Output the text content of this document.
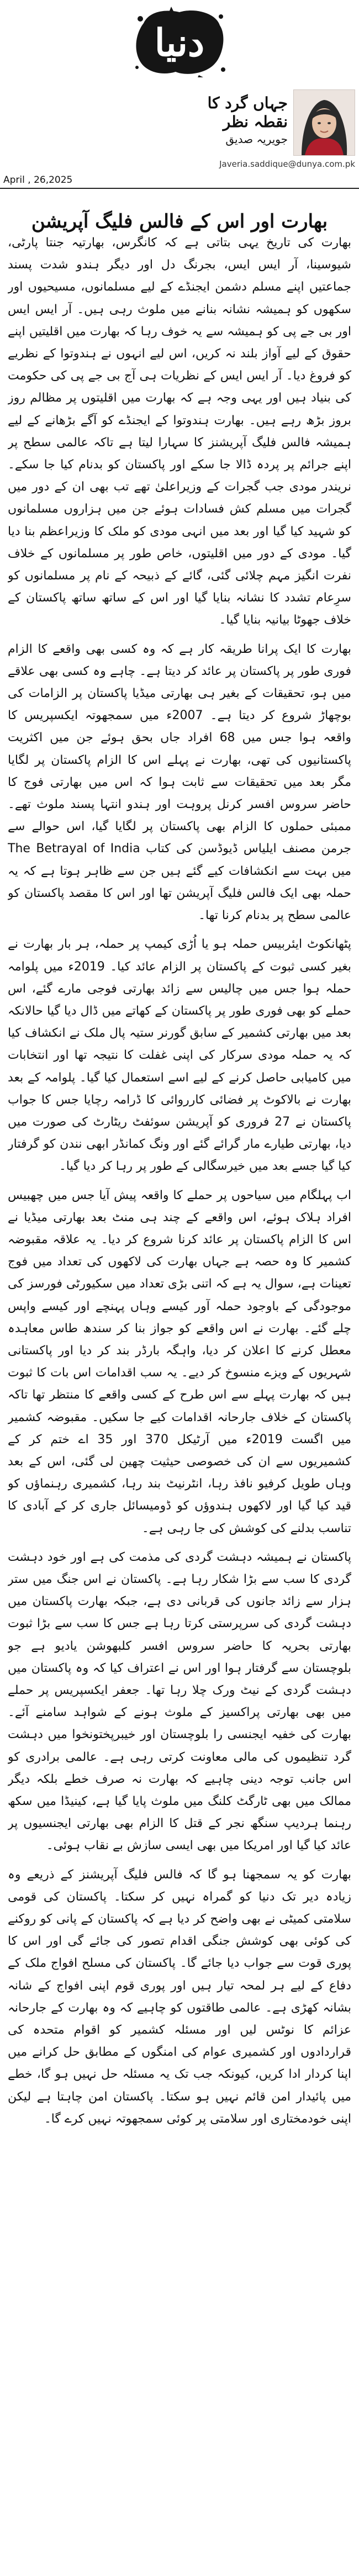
دنیا
جہاں گرد کا نقطہ نظر
جویریہ صدیق
Javeria.saddique@dunya.com.pk
April , 26,2025
بھارت اور اس کے فالس فلیگ آپریشن

بھارت کی تاریخ یہی بتاتی ہے کہ کانگرس، بھارتیہ جنتا پارٹی، شیوسینا، آر ایس ایس، بجرنگ دل اور دیگر ہندو شدت پسند جماعتیں اپنے مسلم دشمن ایجنڈے کے لیے مسلمانوں، مسیحیوں اور سکھوں کو ہمیشہ نشانہ بنانے میں ملوث رہی ہیں۔ آر ایس ایس اور بی جے پی کو ہمیشہ سے یہ خوف رہا کہ بھارت میں اقلیتیں اپنے حقوق کے لیے آواز بلند نہ کریں، اس لیے انہوں نے ہندوتوا کے نظریے کو فروغ دیا۔ آر ایس ایس کے نظریات ہی آج بی جے پی کی حکومت کی بنیاد ہیں اور یہی وجہ ہے کہ بھارت میں اقلیتوں پر مظالم روز بروز بڑھ رہے ہیں۔ بھارت ہندوتوا کے ایجنڈے کو آگے بڑھانے کے لیے ہمیشہ فالس فلیگ آپریشنز کا سہارا لیتا ہے تاکہ عالمی سطح پر اپنے جرائم پر پردہ ڈالا جا سکے اور پاکستان کو بدنام کیا جا سکے۔ نریندر مودی جب گجرات کے وزیراعلیٰ تھے تب بھی ان کے دور میں گجرات میں مسلم کش فسادات ہوئے جن میں ہزاروں مسلمانوں کو شہید کیا گیا اور بعد میں انہی مودی کو ملک کا وزیراعظم بنا دیا گیا۔ مودی کے دور میں اقلیتوں، خاص طور پر مسلمانوں کے خلاف نفرت انگیز مہم چلائی گئی، گائے کے ذبیحہ کے نام پر مسلمانوں کو سرِعام تشدد کا نشانہ بنایا گیا اور اس کے ساتھ ساتھ پاکستان کے خلاف جھوٹا بیانیہ بنایا گیا۔

بھارت کا ایک پرانا طریقہ کار ہے کہ وہ کسی بھی واقعے کا الزام فوری طور پر پاکستان پر عائد کر دیتا ہے۔ چاہے وہ کسی بھی علاقے میں ہو، تحقیقات کے بغیر ہی بھارتی میڈیا پاکستان پر الزامات کی بوچھاڑ شروع کر دیتا ہے۔ 2007ء میں سمجھوتہ ایکسپریس کا واقعہ ہوا جس میں 68 افراد جاں بحق ہوئے جن میں اکثریت پاکستانیوں کی تھی، بھارت نے پہلے اس کا الزام پاکستان پر لگایا مگر بعد میں تحقیقات سے ثابت ہوا کہ اس میں بھارتی فوج کا حاضر سروس افسر کرنل پروہت اور ہندو انتہا پسند ملوث تھے۔ ممبئی حملوں کا الزام بھی پاکستان پر لگایا گیا، اس حوالے سے جرمن مصنف ایلیاس ڈیوڈسن کی کتاب The Betrayal of India میں بہت سے انکشافات کیے گئے ہیں جن سے ظاہر ہوتا ہے کہ یہ حملہ بھی ایک فالس فلیگ آپریشن تھا اور اس کا مقصد پاکستان کو عالمی سطح پر بدنام کرنا تھا۔

پٹھانکوٹ ایئربیس حملہ ہو یا اُڑی کیمپ پر حملہ، ہر بار بھارت نے بغیر کسی ثبوت کے پاکستان پر الزام عائد کیا۔ 2019ء میں پلوامہ حملہ ہوا جس میں چالیس سے زائد بھارتی فوجی مارے گئے، اس حملے کو بھی فوری طور پر پاکستان کے کھاتے میں ڈال دیا گیا حالانکہ بعد میں بھارتی کشمیر کے سابق گورنر ستیہ پال ملک نے انکشاف کیا کہ یہ حملہ مودی سرکار کی اپنی غفلت کا نتیجہ تھا اور انتخابات میں کامیابی حاصل کرنے کے لیے اسے استعمال کیا گیا۔ پلوامہ کے بعد بھارت نے بالاکوٹ پر فضائی کارروائی کا ڈرامہ رچایا جس کا جواب پاکستان نے 27 فروری کو آپریشن سوئفٹ ریٹارٹ کی صورت میں دیا، بھارتی طیارے مار گرائے گئے اور ونگ کمانڈر ابھی نندن کو گرفتار کیا گیا جسے بعد میں خیرسگالی کے طور پر رہا کر دیا گیا۔

اب پہلگام میں سیاحوں پر حملے کا واقعہ پیش آیا جس میں چھبیس افراد ہلاک ہوئے، اس واقعے کے چند ہی منٹ بعد بھارتی میڈیا نے اس کا الزام پاکستان پر عائد کرنا شروع کر دیا۔ یہ علاقہ مقبوضہ کشمیر کا وہ حصہ ہے جہاں بھارت کی لاکھوں کی تعداد میں فوج تعینات ہے، سوال یہ ہے کہ اتنی بڑی تعداد میں سکیورٹی فورسز کی موجودگی کے باوجود حملہ آور کیسے وہاں پہنچے اور کیسے واپس چلے گئے۔ بھارت نے اس واقعے کو جواز بنا کر سندھ طاس معاہدہ معطل کرنے کا اعلان کر دیا، واہگہ بارڈر بند کر دیا اور پاکستانی شہریوں کے ویزے منسوخ کر دیے۔ یہ سب اقدامات اس بات کا ثبوت ہیں کہ بھارت پہلے سے اس طرح کے کسی واقعے کا منتظر تھا تاکہ پاکستان کے خلاف جارحانہ اقدامات کیے جا سکیں۔ مقبوضہ کشمیر میں اگست 2019ء میں آرٹیکل 370 اور 35 اے ختم کر کے کشمیریوں سے ان کی خصوصی حیثیت چھین لی گئی، اس کے بعد وہاں طویل کرفیو نافذ رہا، انٹرنیٹ بند رہا، کشمیری رہنماؤں کو قید کیا گیا اور لاکھوں ہندوؤں کو ڈومیسائل جاری کر کے آبادی کا تناسب بدلنے کی کوشش کی جا رہی ہے۔

پاکستان نے ہمیشہ دہشت گردی کی مذمت کی ہے اور خود دہشت گردی کا سب سے بڑا شکار رہا ہے۔ پاکستان نے اس جنگ میں ستر ہزار سے زائد جانوں کی قربانی دی ہے، جبکہ بھارت پاکستان میں دہشت گردی کی سرپرستی کرتا رہا ہے جس کا سب سے بڑا ثبوت بھارتی بحریہ کا حاضر سروس افسر کلبھوشن یادیو ہے جو بلوچستان سے گرفتار ہوا اور اس نے اعتراف کیا کہ وہ پاکستان میں دہشت گردی کے نیٹ ورک چلا رہا تھا۔ جعفر ایکسپریس پر حملے میں بھی بھارتی پراکسیز کے ملوث ہونے کے شواہد سامنے آئے۔ بھارت کی خفیہ ایجنسی را بلوچستان اور خیبرپختونخوا میں دہشت گرد تنظیموں کی مالی معاونت کرتی رہی ہے۔ عالمی برادری کو اس جانب توجہ دینی چاہیے کہ بھارت نہ صرف خطے بلکہ دیگر ممالک میں بھی ٹارگٹ کلنگ میں ملوث پایا گیا ہے، کینیڈا میں سکھ رہنما ہردیپ سنگھ نجر کے قتل کا الزام بھی بھارتی ایجنسیوں پر عائد کیا گیا اور امریکا میں بھی ایسی سازش بے نقاب ہوئی۔

بھارت کو یہ سمجھنا ہو گا کہ فالس فلیگ آپریشنز کے ذریعے وہ زیادہ دیر تک دنیا کو گمراہ نہیں کر سکتا۔ پاکستان کی قومی سلامتی کمیٹی نے بھی واضح کر دیا ہے کہ پاکستان کے پانی کو روکنے کی کوئی بھی کوشش جنگی اقدام تصور کی جائے گی اور اس کا پوری قوت سے جواب دیا جائے گا۔ پاکستان کی مسلح افواج ملک کے دفاع کے لیے ہر لمحہ تیار ہیں اور پوری قوم اپنی افواج کے شانہ بشانہ کھڑی ہے۔ عالمی طاقتوں کو چاہیے کہ وہ بھارت کے جارحانہ عزائم کا نوٹس لیں اور مسئلہ کشمیر کو اقوام متحدہ کی قراردادوں اور کشمیری عوام کی امنگوں کے مطابق حل کرانے میں اپنا کردار ادا کریں، کیونکہ جب تک یہ مسئلہ حل نہیں ہو گا، خطے میں پائیدار امن قائم نہیں ہو سکتا۔ پاکستان امن چاہتا ہے لیکن اپنی خودمختاری اور سلامتی پر کوئی سمجھوتہ نہیں کرے گا۔
